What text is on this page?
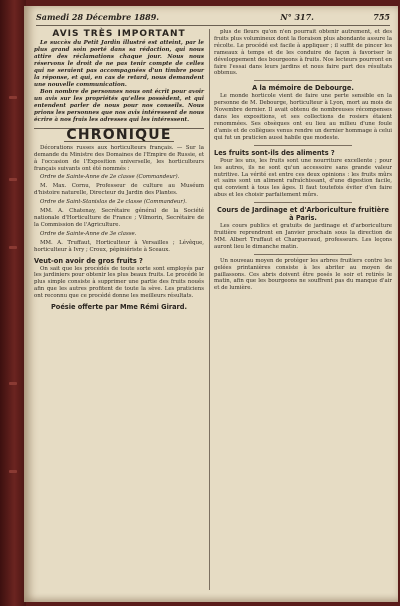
Samedi 28 Décembre 1889.	N° 317.	755
AVIS TRÈS IMPORTANT

Le succès du Petit Jardin illustré est atteint, par le plus grand soin porté dans sa rédaction, qui nous attire des réclamations chaque jour. Nous nous réservons le droit de ne pas tenir compte de celles qui ne seraient pas accompagnées d'un timbre pour la réponse, et qui, en cas de retard, nous demandent une nouvelle communication.

Bon nombre de personnes nous ont écrit pour avoir un avis sur les propriétés qu'elles possèdent, et qui entendent parler de nous pour nos conseils. Nous prions les personnes que nos avis intéressent de nous écrire à nos frais les adresses qui les intéressent.

CHRONIQUE

Décorations russes aux horticulteurs français. — Sur la demande du Ministre des Domaines de l'Empire de Russie, et à l'occasion de l'Exposition universelle, les horticulteurs français suivants ont été nommés :

Ordre de Sainte-Anne de 2e classe (Commandeur).

M. Max. Cornu, Professeur de culture au Muséum d'histoire naturelle, Directeur du Jardin des Plantes.

Ordre de Saint-Stanislas de 2e classe (Commandeur).

MM. A. Chatenay, Secrétaire général de la Société nationale d'Horticulture de France ; Vilmorin, Secrétaire de la Commission de l'Agriculture.

Ordre de Sainte-Anne de 3e classe.

MM. A. Truffaut, Horticulteur à Versailles ; Lévêque, horticulteur à Ivry ; Croux, pépiniériste à Sceaux.

Veut-on avoir de gros fruits ?

On sait que les procédés de toute sorte sont employés par les jardiniers pour obtenir les plus beaux fruits. Le procédé le plus simple consiste à supprimer une partie des fruits noués afin que les autres profitent de toute la sève. Les praticiens ont reconnu que ce procédé donne les meilleurs résultats.

Poésie offerte par Mme Rémi Girard.

plus de fleurs qu'on n'en pourrait obtenir autrement, et des fruits plus volumineux dont la floraison plus abondante assure la récolte. Le procédé est facile à appliquer ; il suffit de pincer les rameaux à temps et de les conduire de façon à favoriser le développement des bourgeons à fruits. Nos lecteurs pourront en faire l'essai dans leurs jardins et nous faire part des résultats obtenus.

A la mémoire de Debourge.

Le monde horticole vient de faire une perte sensible en la personne de M. Debourge, horticulteur à Lyon, mort au mois de Novembre dernier. Il avait obtenu de nombreuses récompenses dans les expositions, et ses collections de rosiers étaient renommées. Ses obsèques ont eu lieu au milieu d'une foule d'amis et de collègues venus rendre un dernier hommage à celui qui fut un praticien aussi habile que modeste.

Les fruits sont-ils des aliments ?

Pour les uns, les fruits sont une nourriture excellente ; pour les autres, ils ne sont qu'un accessoire sans grande valeur nutritive. La vérité est entre ces deux opinions : les fruits mûrs et sains sont un aliment rafraîchissant, d'une digestion facile, qui convient à tous les âges. Il faut toutefois éviter d'en faire abus et les choisir parfaitement mûrs.

Cours de Jardinage et d'Arboriculture fruitière à Paris.

Les cours publics et gratuits de jardinage et d'arboriculture fruitière reprendront en Janvier prochain sous la direction de MM. Albert Truffaut et Chargueraud, professeurs. Les leçons auront lieu le dimanche matin.

Un nouveau moyen de protéger les arbres fruitiers contre les gelées printanières consiste à les abriter au moyen de paillassons. Ces abris doivent être posés le soir et retirés le matin, afin que les bourgeons ne souffrent pas du manque d'air et de lumière.
